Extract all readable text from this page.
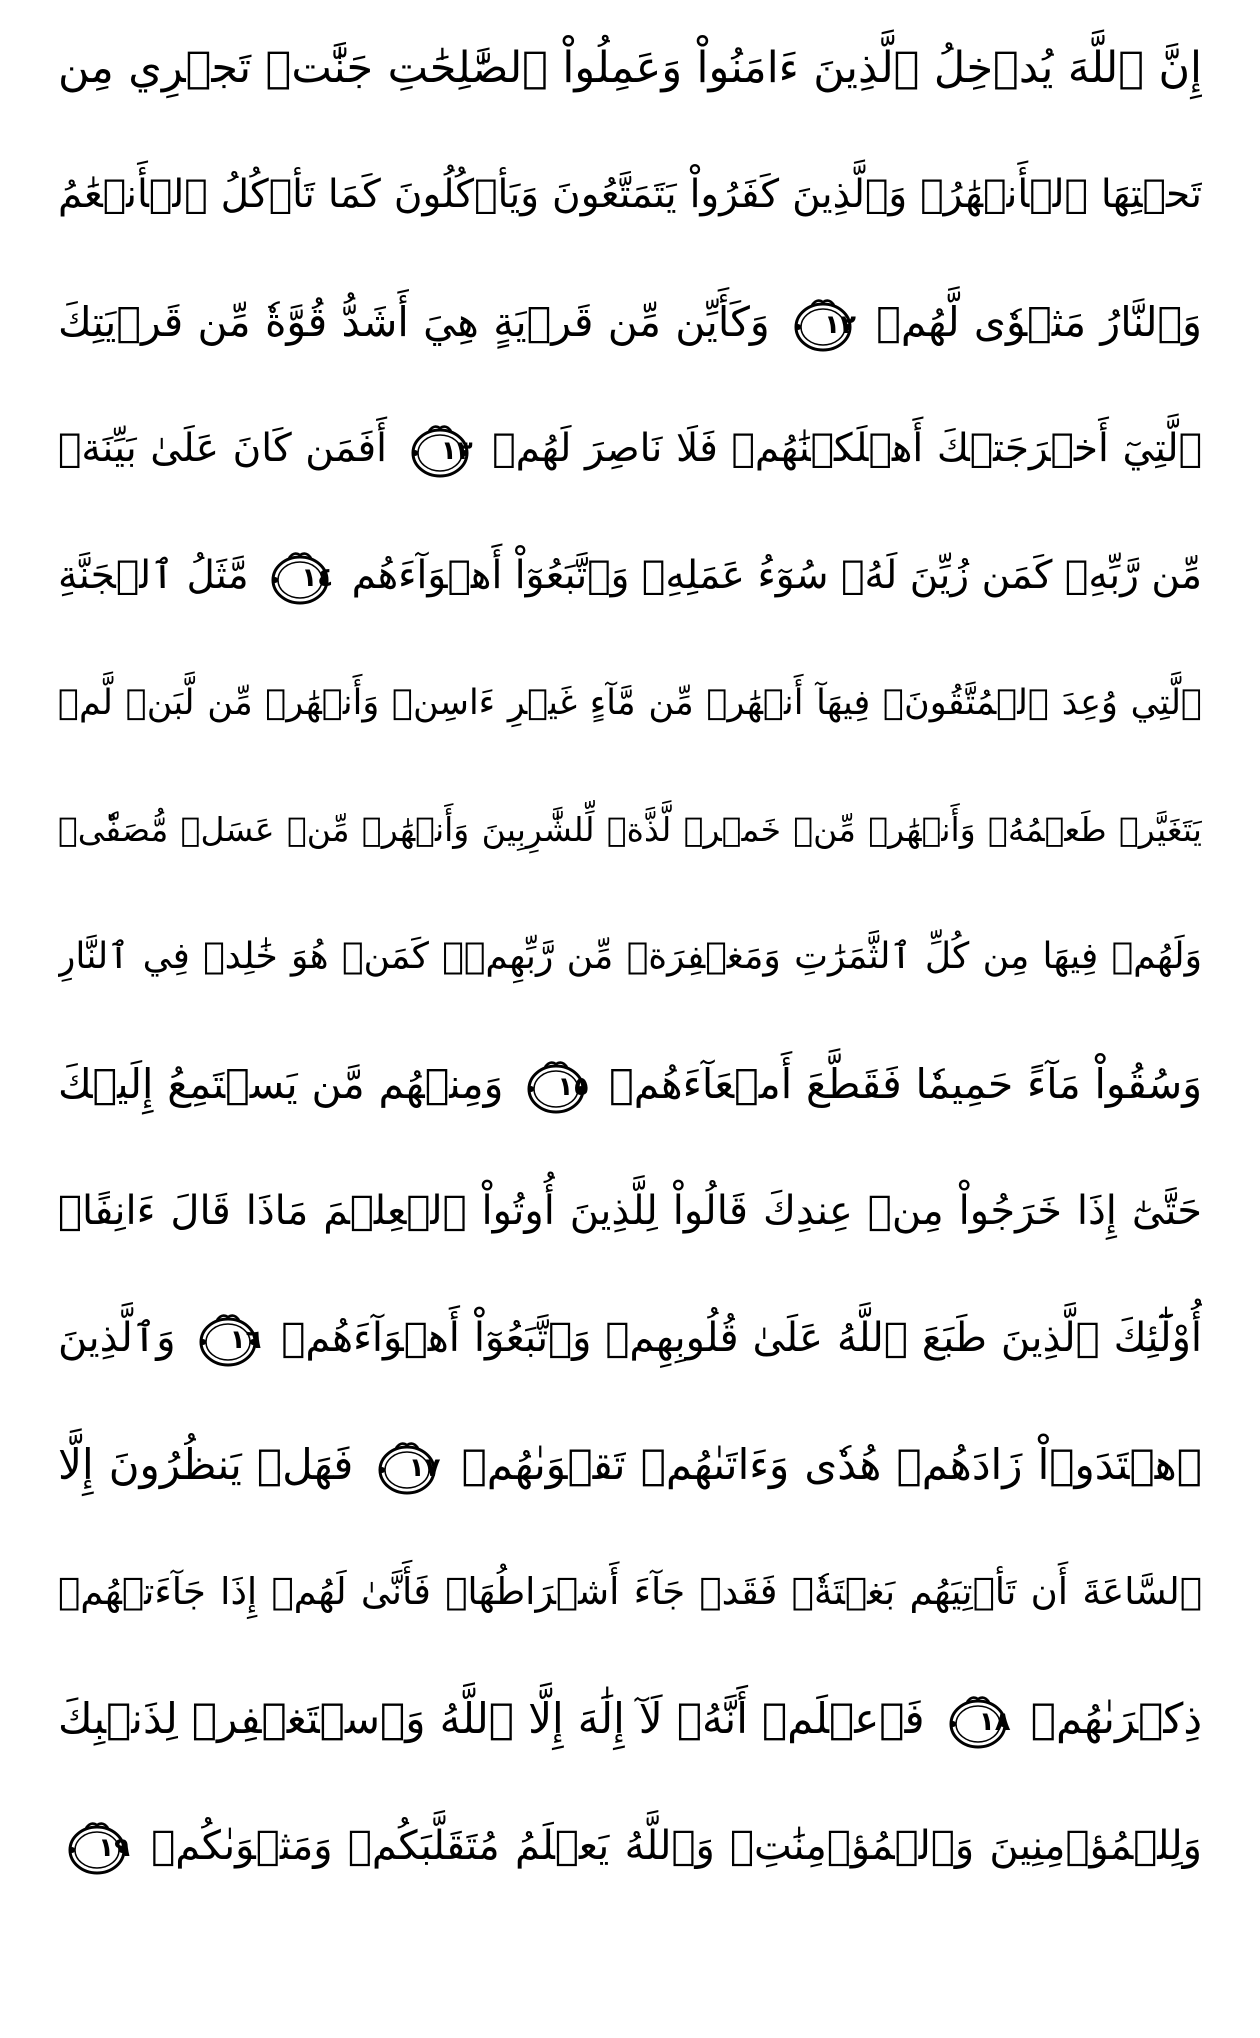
إِنَّ ٱللَّهَ يُدۡخِلُ ٱلَّذِينَ ءَامَنُواْ وَعَمِلُواْ ٱلصَّٰلِحَٰتِ جَنَّٰتٖ تَجۡرِي مِن
تَحۡتِهَا ٱلۡأَنۡهَٰرُۖ وَٱلَّذِينَ كَفَرُواْ يَتَمَتَّعُونَ وَيَأۡكُلُونَ كَمَا تَأۡكُلُ ٱلۡأَنۡعَٰمُ
وَٱلنَّارُ مَثۡوٗى لَّهُمۡ
١٢
وَكَأَيِّن مِّن قَرۡيَةٍ هِيَ أَشَدُّ قُوَّةٗ مِّن قَرۡيَتِكَ
ٱلَّتِيٓ أَخۡرَجَتۡكَ أَهۡلَكۡنَٰهُمۡ فَلَا نَاصِرَ لَهُمۡ
١٣
أَفَمَن كَانَ عَلَىٰ بَيِّنَةٖ
مِّن رَّبِّهِۦ كَمَن زُيِّنَ لَهُۥ سُوٓءُ عَمَلِهِۦ وَٱتَّبَعُوٓاْ أَهۡوَآءَهُم
١٤
مَّثَلُ ٱلۡجَنَّةِ
ٱلَّتِي وُعِدَ ٱلۡمُتَّقُونَۖ فِيهَآ أَنۡهَٰرٞ مِّن مَّآءٍ غَيۡرِ ءَاسِنٖ وَأَنۡهَٰرٞ مِّن لَّبَنٖ لَّمۡ
يَتَغَيَّرۡ طَعۡمُهُۥ وَأَنۡهَٰرٞ مِّنۡ خَمۡرٖ لَّذَّةٖ لِّلشَّٰرِبِينَ وَأَنۡهَٰرٞ مِّنۡ عَسَلٖ مُّصَفّٗىۖ
وَلَهُمۡ فِيهَا مِن كُلِّ ٱلثَّمَرَٰتِ وَمَغۡفِرَةٞ مِّن رَّبِّهِمۡۖ كَمَنۡ هُوَ خَٰلِدٞ فِي ٱلنَّارِ
وَسُقُواْ مَآءً حَمِيمٗا فَقَطَّعَ أَمۡعَآءَهُمۡ
١٥
وَمِنۡهُم مَّن يَسۡتَمِعُ إِلَيۡكَ
حَتَّىٰٓ إِذَا خَرَجُواْ مِنۡ عِندِكَ قَالُواْ لِلَّذِينَ أُوتُواْ ٱلۡعِلۡمَ مَاذَا قَالَ ءَانِفًاۚ
أُوْلَٰٓئِكَ ٱلَّذِينَ طَبَعَ ٱللَّهُ عَلَىٰ قُلُوبِهِمۡ وَٱتَّبَعُوٓاْ أَهۡوَآءَهُمۡ
١٦
وَٱلَّذِينَ
ٱهۡتَدَوۡاْ زَادَهُمۡ هُدٗى وَءَاتَىٰهُمۡ تَقۡوَىٰهُمۡ
١٧
فَهَلۡ يَنظُرُونَ إِلَّا
ٱلسَّاعَةَ أَن تَأۡتِيَهُم بَغۡتَةٗۖ فَقَدۡ جَآءَ أَشۡرَاطُهَاۚ فَأَنَّىٰ لَهُمۡ إِذَا جَآءَتۡهُمۡ
ذِكۡرَىٰهُمۡ
١٨
فَٱعۡلَمۡ أَنَّهُۥ لَآ إِلَٰهَ إِلَّا ٱللَّهُ وَٱسۡتَغۡفِرۡ لِذَنۢبِكَ
وَلِلۡمُؤۡمِنِينَ وَٱلۡمُؤۡمِنَٰتِۗ وَٱللَّهُ يَعۡلَمُ مُتَقَلَّبَكُمۡ وَمَثۡوَىٰكُمۡ
١٩
